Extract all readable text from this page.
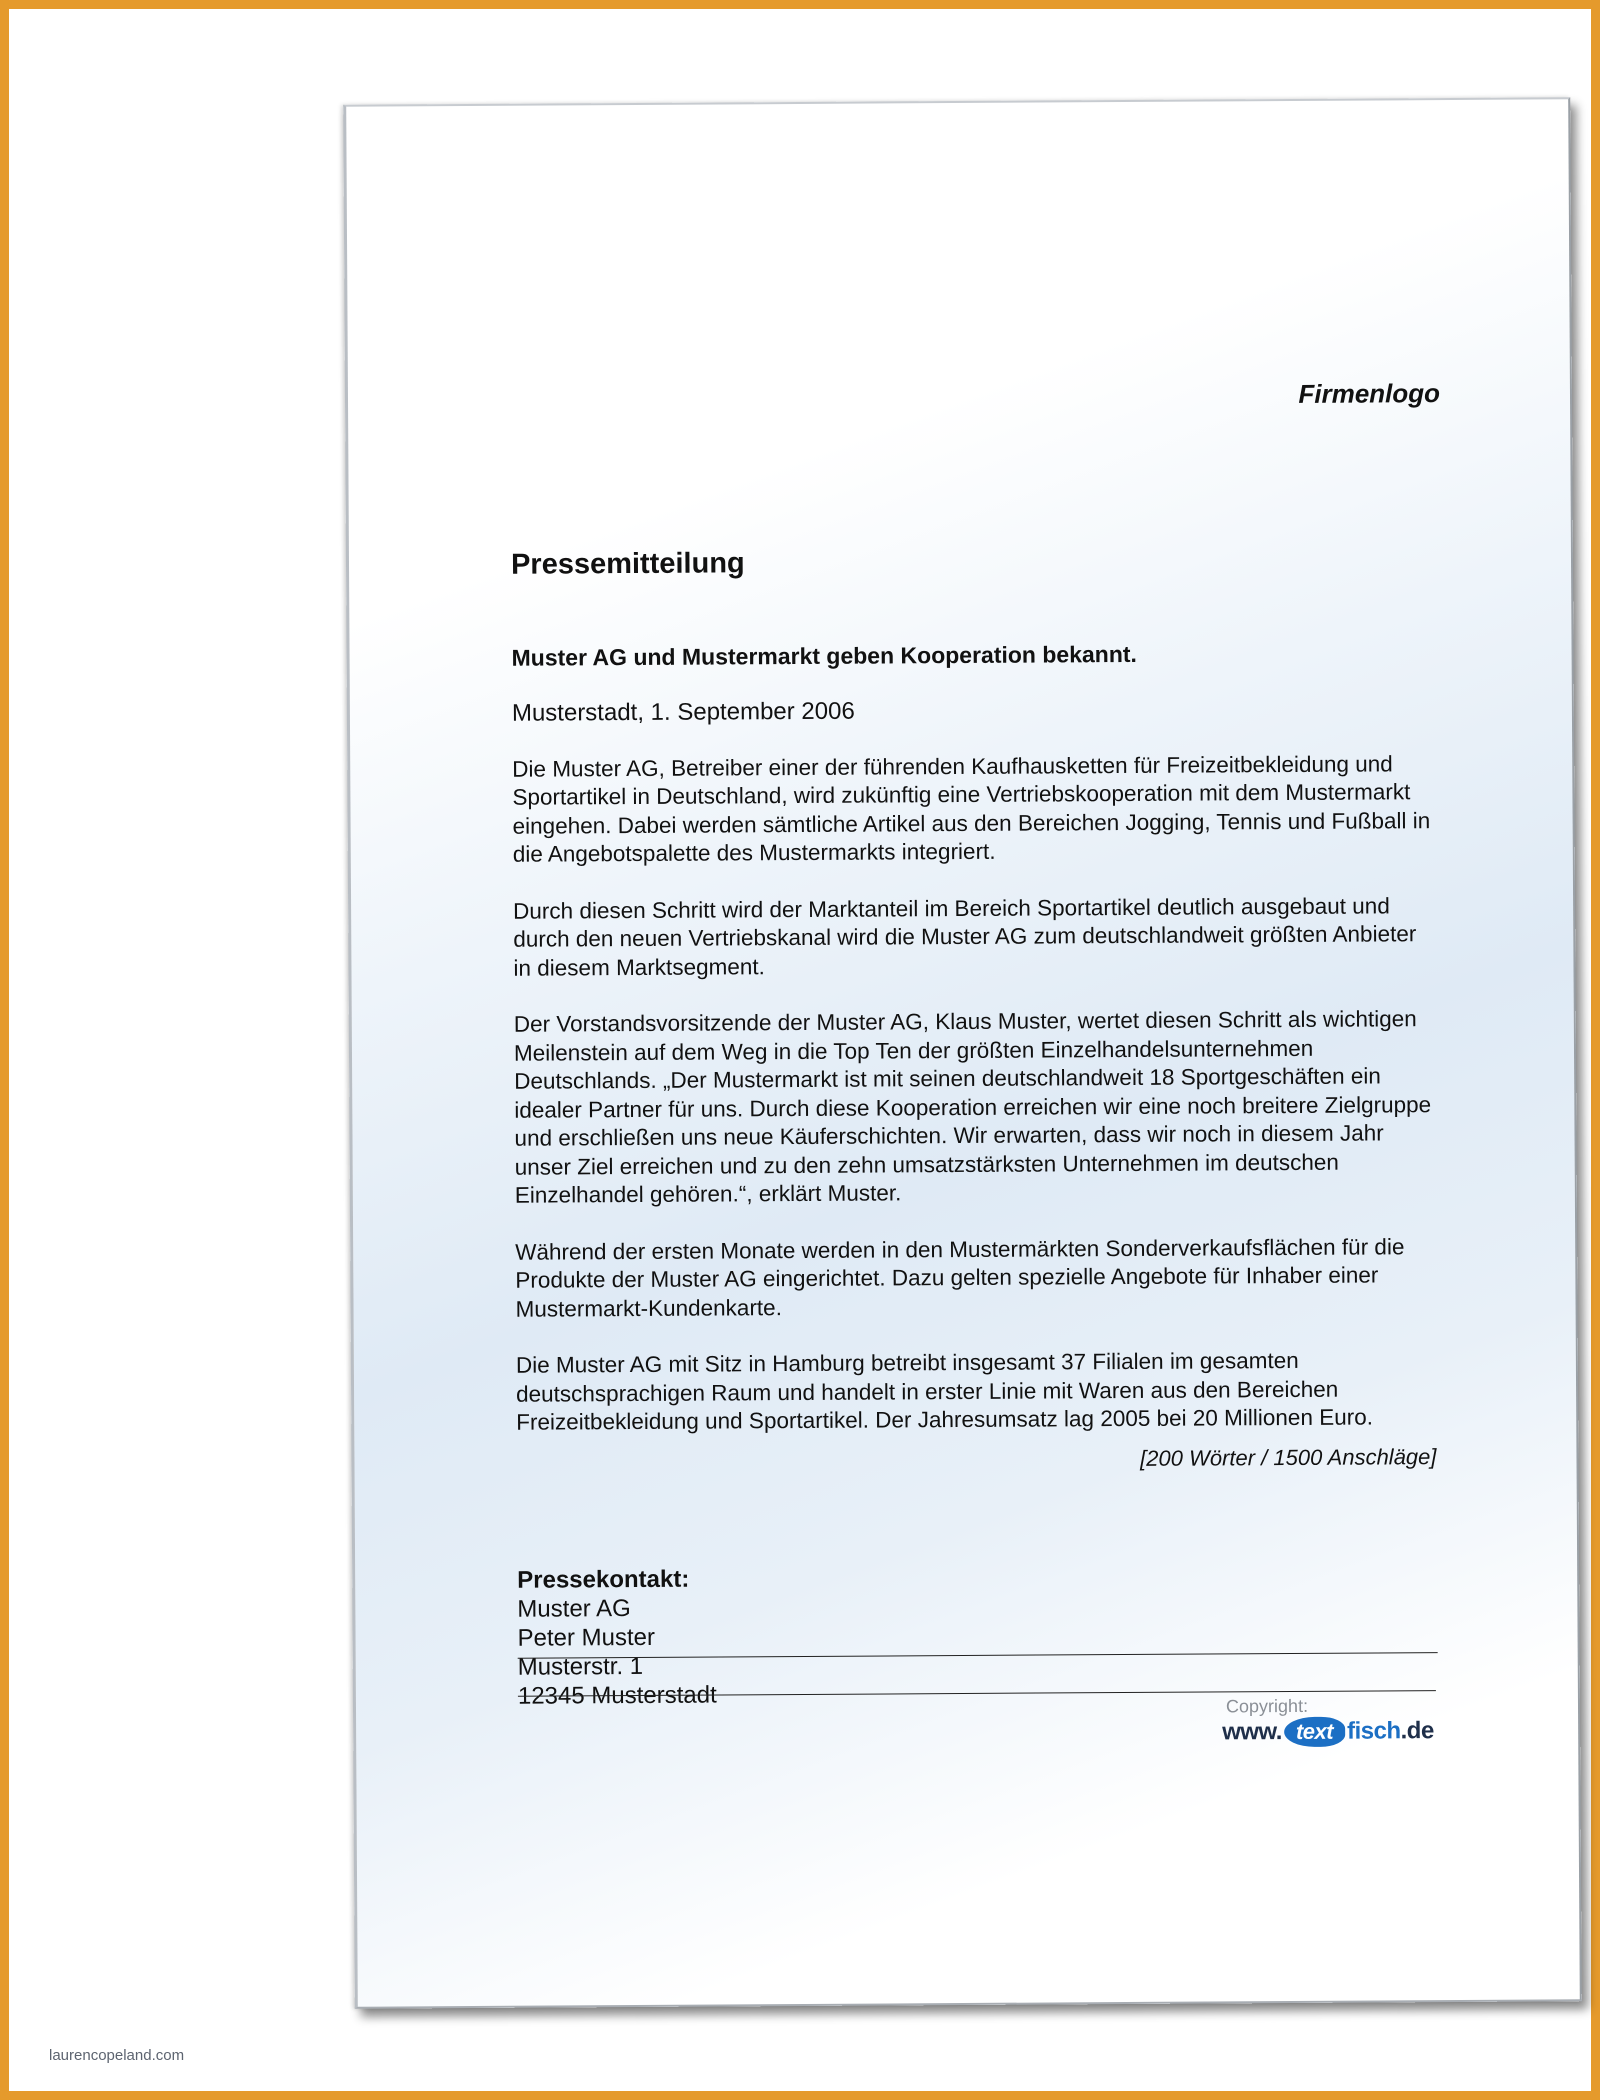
Firmenlogo
Pressemitteilung
Muster AG und Mustermarkt geben Kooperation bekannt.
Musterstadt, 1. September 2006

Die Muster AG, Betreiber einer der führenden Kaufhausketten für Freizeitbekleidung und Sportartikel in Deutschland, wird zukünftig eine Vertriebskooperation mit dem Mustermarkt eingehen. Dabei werden sämtliche Artikel aus den Bereichen Jogging, Tennis und Fußball in die Angebotspalette des Mustermarkts integriert.

Durch diesen Schritt wird der Marktanteil im Bereich Sportartikel deutlich ausgebaut und durch den neuen Vertriebskanal wird die Muster AG zum deutschlandweit größten Anbieter in diesem Marktsegment.

Der Vorstandsvorsitzende der Muster AG, Klaus Muster, wertet diesen Schritt als wichtigen Meilenstein auf dem Weg in die Top Ten der größten Einzelhandelsunternehmen Deutschlands. „Der Mustermarkt ist mit seinen deutschlandweit 18 Sportgeschäften ein idealer Partner für uns. Durch diese Kooperation erreichen wir eine noch breitere Zielgruppe und erschließen uns neue Käuferschichten. Wir erwarten, dass wir noch in diesem Jahr unser Ziel erreichen und zu den zehn umsatzstärksten Unternehmen im deutschen Einzelhandel gehören.“, erklärt Muster.

Während der ersten Monate werden in den Mustermärkten Sonderverkaufsflächen für die Produkte der Muster AG eingerichtet. Dazu gelten spezielle Angebote für Inhaber einer Mustermarkt-Kundenkarte.

Die Muster AG mit Sitz in Hamburg betreibt insgesamt 37 Filialen im gesamten deutschsprachigen Raum und handelt in erster Linie mit Waren aus den Bereichen Freizeitbekleidung und Sportartikel. Der Jahresumsatz lag 2005 bei 20 Millionen Euro.

[200 Wörter / 1500 Anschläge]
Pressekontakt:
Muster AG
Peter Muster
Musterstr. 1
12345 Musterstadt	Copyright:
www. text fisch .de
laurencopeland.com
